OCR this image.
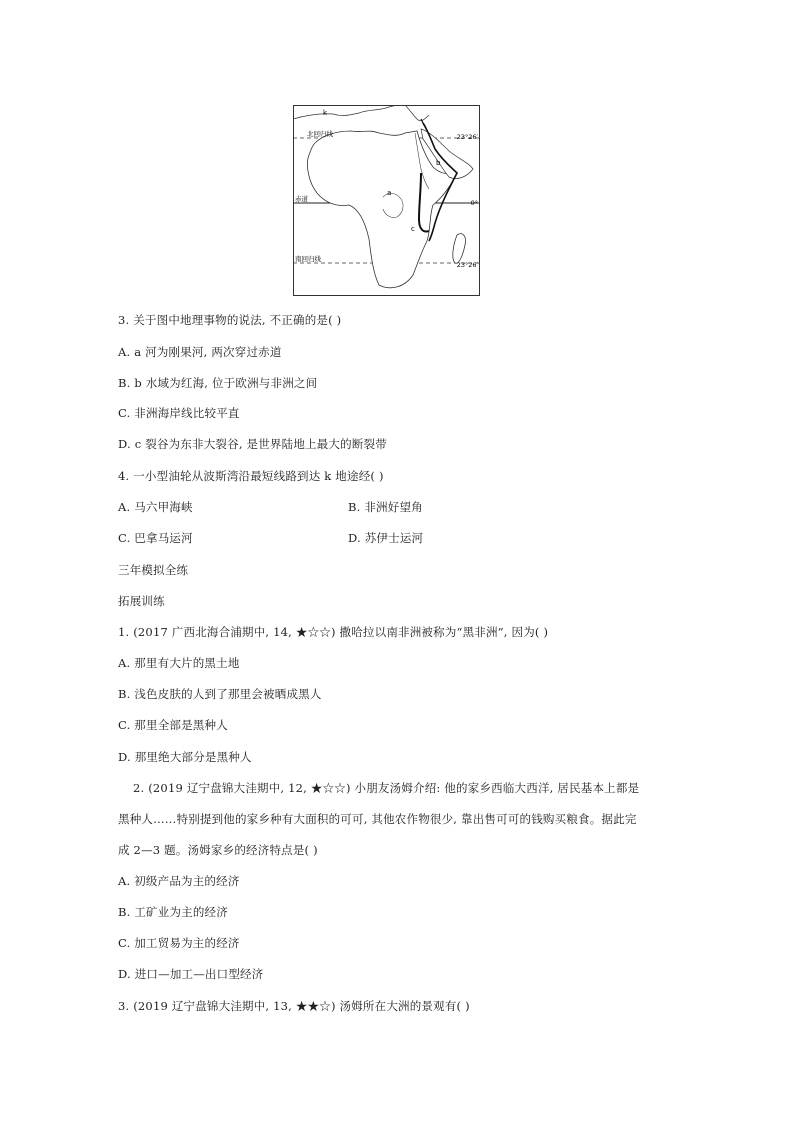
k
北回归线	23°26′
b
赤道
a
0°
c
南回归线
23°26′
3. 关于图中地理事物的说法, 不正确的是( )
A. a 河为刚果河, 两次穿过赤道
B. b 水域为红海, 位于欧洲与非洲之间
C. 非洲海岸线比较平直
D. c 裂谷为东非大裂谷, 是世界陆地上最大的断裂带
4. 一小型油轮从波斯湾沿最短线路到达 k 地途经( )
A. 马六甲海峡	B. 非洲好望角
C. 巴拿马运河	D. 苏伊士运河
三年模拟全练
拓展训练
1. (2017 广西北海合浦期中, 14, ★☆☆) 撒哈拉以南非洲被称为“黑非洲”, 因为( )
A. 那里有大片的黑土地
B. 浅色皮肤的人到了那里会被晒成黑人
C. 那里全部是黑种人
D. 那里绝大部分是黑种人
2. (2019 辽宁盘锦大洼期中, 12, ★☆☆) 小朋友汤姆介绍: 他的家乡西临大西洋, 居民基本上都是
黑种人……特别提到他的家乡种有大面积的可可, 其他农作物很少, 靠出售可可的钱购买粮食。据此完
成 2—3 题。汤姆家乡的经济特点是( )
A. 初级产品为主的经济
B. 工矿业为主的经济
C. 加工贸易为主的经济
D. 进口—加工—出口型经济
3. (2019 辽宁盘锦大洼期中, 13, ★★☆) 汤姆所在大洲的景观有( )
